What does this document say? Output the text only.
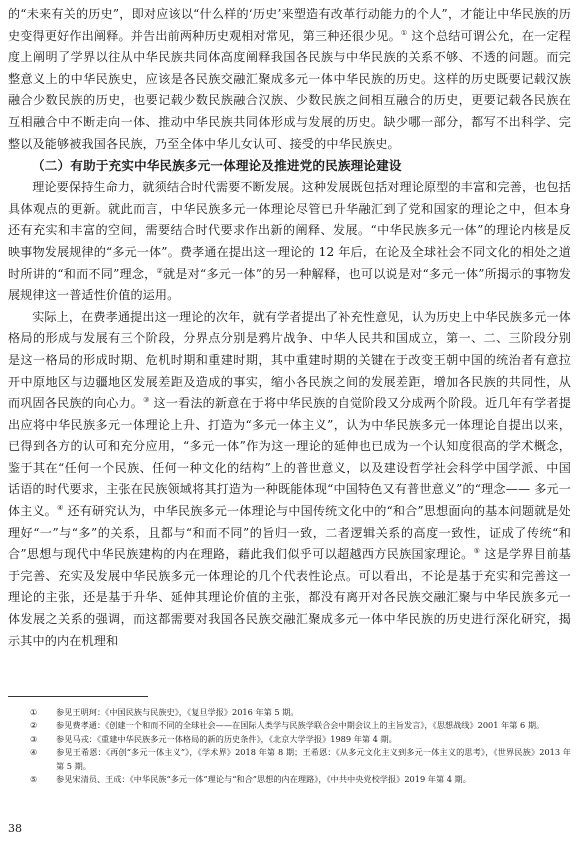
的“未来有关的历史”，即对应该以“什么样的‘历史’来塑造有改革行动能力的个人”，才能让中华民族的历史变得更好作出阐释。并告出前两种历史观相对常见，第三种还很少见。① 这个总结可谓公允，在一定程度上阐明了学界以往从中华民族共同体高度阐释我国各民族与中华民族的关系不够、不透的问题。而完整意义上的中华民族史，应该是各民族交融汇聚成多元一体中华民族的历史。这样的历史既要记载汉族融合少数民族的历史，也要记载少数民族融合汉族、少数民族之间相互融合的历史，更要记载各民族在互相融合中不断走向一体、推动中华民族共同体形成与发展的历史。缺少哪一部分，都写不出科学、完整以及能够被我国各民族，乃至全体中华儿女认可、接受的中华民族史。

（二）有助于充实中华民族多元一体理论及推进党的民族理论建设

理论要保持生命力，就须结合时代需要不断发展。这种发展既包括对理论原型的丰富和完善，也包括具体观点的更新。就此而言，中华民族多元一体理论尽管已升华融汇到了党和国家的理论之中，但本身还有充实和丰富的空间，需要结合时代要求作出新的阐释、发展。“中华民族多元一体”的理论内核是反映事物发展规律的“多元一体”。费孝通在提出这一理论的 12 年后，在论及全球社会不同文化的相处之道时所讲的“和而不同”理念，②就是对“多元一体”的另一种解释，也可以说是对“多元一体”所揭示的事物发展规律这一普适性价值的运用。

实际上，在费孝通提出这一理论的次年，就有学者提出了补充性意见，认为历史上中华民族多元一体格局的形成与发展有三个阶段，分界点分别是鸦片战争、中华人民共和国成立，第一、二、三阶段分别是这一格局的形成时期、危机时期和重建时期，其中重建时期的关键在于改变王朝中国的统治者有意拉开中原地区与边疆地区发展差距及造成的事实，缩小各民族之间的发展差距，增加各民族的共同性，从而巩固各民族的向心力。③ 这一看法的新意在于将中华民族的自觉阶段又分成两个阶段。近几年有学者提出应将中华民族多元一体理论上升、打造为“多元一体主义”，认为中华民族多元一体理论自提出以来，已得到各方的认可和充分应用，“多元一体”作为这一理论的延伸也已成为一个认知度很高的学术概念，鉴于其在“任何一个民族、任何一种文化的结构”上的普世意义，以及建设哲学社会科学中国学派、中国话语的时代要求，主张在民族领域将其打造为一种既能体现“中国特色又有普世意义”的“理念—— 多元一体主义。④ 还有研究认为，中华民族多元一体理论与中国传统文化中的“和合”思想面向的基本问题就是处理好“一”与“多”的关系，且都与“和而不同”的旨归一致，二者逻辑关系的高度一致性，证成了传统“和合”思想与现代中华民族建构的内在理路，藉此我们似乎可以超越西方民族国家理论。⑤ 这是学界目前基于完善、充实及发展中华民族多元一体理论的几个代表性论点。可以看出，不论是基于充实和完善这一理论的主张，还是基于升华、延伸其理论价值的主张，都没有离开对各民族交融汇聚与中华民族多元一体发展之关系的强调，而这都需要对我国各民族交融汇聚成多元一体中华民族的历史进行深化研究，揭示其中的内在机理和

① 参见王明珂：《中国民族与民族史》，《复旦学报》2016 年第 5 期。

② 参见费孝通：《创建一个和而不同的全球社会——在国际人类学与民族学联合会中期会议上的主旨发言》，《思想战线》2001 年第 6 期。

③ 参见马戎：《重建中华民族多元一体格局的新的历史条件》，《北京大学学报》1989 年第 4 期。

④ 参见王希恩：《再创“多元一体主义”》，《学术界》2018 年第 8 期；王希恩：《从多元文化主义到多元一体主义的思考》，《世界民族》2013 年第 5 期。

⑤ 参见宋清员、王成：《中华民族“多元一体”理论与“和合”思想的内在理路》，《中共中央党校学报》2019 年第 4 期。

38
